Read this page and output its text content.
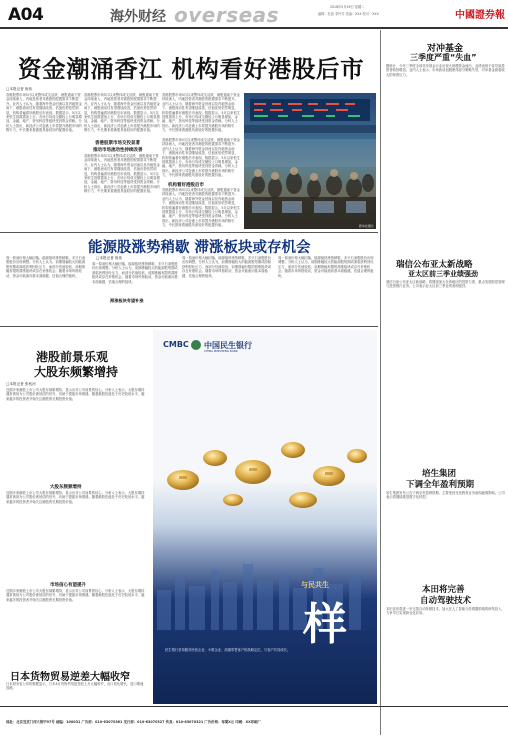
A04	海外财经 overseas	2018年5月29日 星期二
编辑：杜凯 李玲芳 美编：XXX 校对：XXX	中國證券報
资金潮涌香江 机构看好港股后市
□本报记者 倪伟
香港股票市场5月以来整体成交活跃，港股通南下资金持续流入，内地投资者对港股的配置需求不断提升。业内人士认为，随着海外资金回流以及内地资金南下，港股流动性有望继续改善，估值优势依然明显，机构普遍看好港股后市表现。数据显示，5月以来恒生指数震荡上行，市场日均成交额较上月明显增加，金融、地产、资讯科技等板块受到资金青睐。分析人士指出，新经济公司赴港上市将提升港股市场的吸引力，中长期来看港股具备较好的配置价值。
香港股票市场交投显著
推动市场流动性持续改善
香港股票市场5月以来整体成交活跃，港股通南下资金持续流入，内地投资者对港股的配置需求不断提升。业内人士认为，随着海外资金回流以及内地资金南下，港股流动性有望继续改善，估值优势依然明显，机构普遍看好港股后市表现。数据显示，5月以来恒生指数震荡上行，市场日均成交额较上月明显增加，金融、地产、资讯科技等板块受到资金青睐。分析人士指出，新经济公司赴港上市将提升港股市场的吸引力，中长期来看港股具备较好的配置价值。
香港股票市场5月以来整体成交活跃，港股通南下资金持续流入，内地投资者对港股的配置需求不断提升。业内人士认为，随着海外资金回流以及内地资金南下，港股流动性有望继续改善，估值优势依然明显，机构普遍看好港股后市表现。数据显示，5月以来恒生指数震荡上行，市场日均成交额较上月明显增加，金融、地产、资讯科技等板块受到资金青睐。分析人士指出，新经济公司赴港上市将提升港股市场的吸引力，中长期来看港股具备较好的配置价值。
香港股票市场5月以来整体成交活跃，港股通南下资金持续流入，内地投资者对港股的配置需求不断提升。业内人士认为，随着海外资金回流以及内地资金南下，港股流动性有望继续改善，估值优势依然明显，机构普遍看好港股后市表现。数据显示，5月以来恒生指数震荡上行，市场日均成交额较上月明显增加，金融、地产、资讯科技等板块受到资金青睐。分析人士指出，新经济公司赴港上市将提升港股市场的吸引力，中长期来看港股具备较好的配置价值。
机构看好港股后市
香港股票市场5月以来整体成交活跃，港股通南下资金持续流入，内地投资者对港股的配置需求不断提升。业内人士认为，随着海外资金回流以及内地资金南下，港股流动性有望继续改善，估值优势依然明显，机构普遍看好港股后市表现。数据显示，5月以来恒生指数震荡上行，市场日均成交额较上月明显增加，金融、地产、资讯科技等板块受到资金青睐。分析人士指出，新经济公司赴港上市将提升港股市场的吸引力，中长期来看港股具备较好的配置价值。
香港股票市场5月以来整体成交活跃，港股通南下资金持续流入，内地投资者对港股的配置需求不断提升。业内人士认为，随着海外资金回流以及内地资金南下，港股流动性有望继续改善，估值优势依然明显，机构普遍看好港股后市表现。数据显示，5月以来恒生指数震荡上行，市场日均成交额较上月明显增加，金融、地产、资讯科技等板块受到资金青睐。分析人士指出，新经济公司赴港上市将提升港股市场的吸引力，中长期来看港股具备较好的配置价值。	新华社图片
对冲基金
三季度严重“失血”
据统计，今年三季度全球对冲基金行业出现大规模资金流出，业绩表现不佳导致投资者赎回增加。业内人士表示，市场波动加剧使得部分策略失效，对冲基金面临较大的募资压力。
瑞信公布亚太新战略
亚太区前三季业绩强劲
瑞信日前公布亚太区新战略，将继续加大在该地区的投资力度，重点发展财富管理与投资银行业务。公司表示亚太区前三季业绩表现强劲。
培生集团
下调全年盈利预期
培生集团发布公告下调全年盈利预期，主要受到北美教育业务表现疲弱影响。公司表示将继续推进数字化转型。
本田将完善
自动驾驶技术
本田宣布将进一步完善自动驾驶技术，加大在人工智能与传感器领域的研发投入，力争早日实现商业化应用。
能源股涨势稍歇 滞涨板块或存机会
□本报记者 倪伟
周一原油价格大幅回落，能源板块涨势稍歇，多只石油股股价出现调整。分析人士认为，前期涨幅较大的能源股短期或面临获利回吐压力，而部分估值较低、前期涨幅有限的滞涨板块或存在补涨机会。随着市场风格轮动，资金可能流向基本面稳健、估值合理的板块。
周一原油价格大幅回落，能源板块涨势稍歇，多只石油股股价出现调整。分析人士认为，前期涨幅较大的能源股短期或面临获利回吐压力，而部分估值较低、前期涨幅有限的滞涨板块或存在补涨机会。随着市场风格轮动，资金可能流向基本面稳健、估值合理的板块。
滞涨板块有望补涨
周一原油价格大幅回落，能源板块涨势稍歇，多只石油股股价出现调整。分析人士认为，前期涨幅较大的能源股短期或面临获利回吐压力，而部分估值较低、前期涨幅有限的滞涨板块或存在补涨机会。随着市场风格轮动，资金可能流向基本面稳健、估值合理的板块。
周一原油价格大幅回落，能源板块涨势稍歇，多只石油股股价出现调整。分析人士认为，前期涨幅较大的能源股短期或面临获利回吐压力，而部分估值较低、前期涨幅有限的滞涨板块或存在补涨机会。随着市场风格轮动，资金可能流向基本面稳健、估值合理的板块。
港股前景乐观
大股东频繁增持
□本报记者 张枕河
近期多家港股上市公司大股东频繁增持，显示出对公司前景的信心。分析人士表示，大股东增持通常被视为公司股价被低估的信号，有助于提振市场情绪。随着港股估值处于历史较低水平，越来越多的投资者开始关注港股的长期投资价值。
大股东频频增持
近期多家港股上市公司大股东频繁增持，显示出对公司前景的信心。分析人士表示，大股东增持通常被视为公司股价被低估的信号，有助于提振市场情绪。随着港股估值处于历史较低水平，越来越多的投资者开始关注港股的长期投资价值。
市场信心有望提升
近期多家港股上市公司大股东频繁增持，显示出对公司前景的信心。分析人士表示，大股东增持通常被视为公司股价被低估的信号，有助于提振市场情绪。随着港股估值处于历史较低水平，越来越多的投资者开始关注港股的长期投资价值。
日本货物贸易逆差大幅收窄
日本财务省公布的数据显示，日本4月货物贸易逆差较上月大幅收窄，出口同比增长，进口增速放缓。
CMBC 中国民生银行
CHINA MINSHENG BANK
样
与民共生
民生银行坚持服务民营企业、小微企业、高端零售客户的战略定位，与客户共同成长。
地址：北京宣武门西大街甲97号 邮编：100031 广告部：010-63070361 发行部：010-63070327 传真：010-63070321 广告价格：每期X元 印刷：XX印刷厂
